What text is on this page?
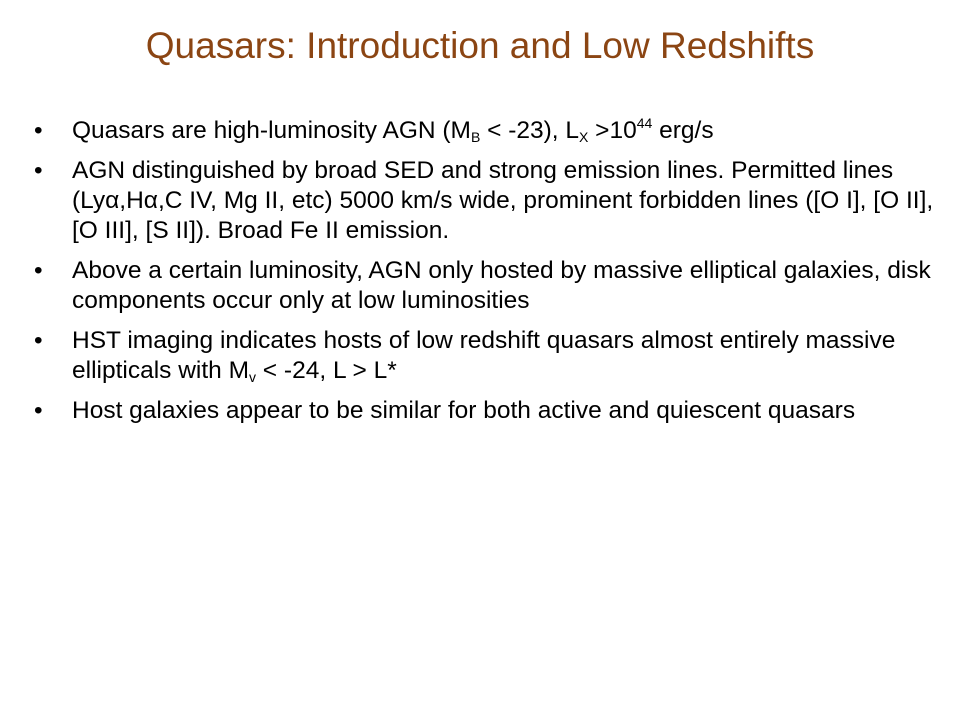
Quasars: Introduction and Low Redshifts
•	Quasars are high-luminosity AGN $(M_B < -23)$, $L_X >10^{44}$ erg/s
•	AGN distinguished by broad SED and strong emission lines. Permitted lines (Lyα,Hα,C IV, Mg II, etc) 5000 km/s wide, prominent forbidden lines ([O I], [O II], [O III], [S II]). Broad Fe II emission.
•	Above a certain luminosity, AGN only hosted by massive elliptical galaxies, disk components occur only at low luminosities
•	HST imaging indicates hosts of low redshift quasars almost entirely massive ellipticals with $M_v < -24$, L > L*
•	Host galaxies appear to be similar for both active and quiescent quasars
